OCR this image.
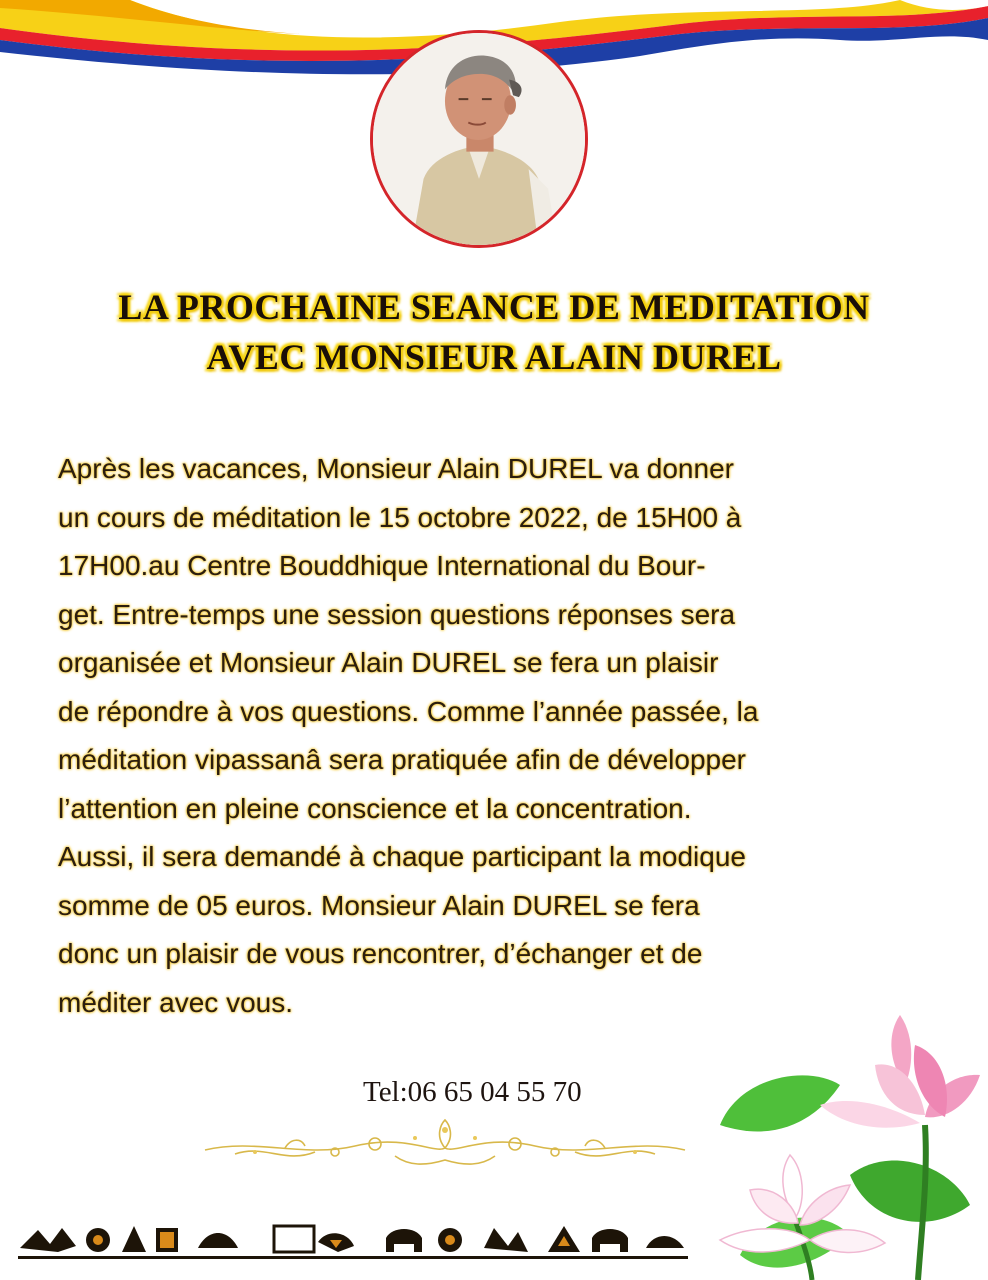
LA PROCHAINE SEANCE DE MEDITATION
AVEC MONSIEUR ALAIN DUREL

Après les vacances, Monsieur Alain DUREL va donner
un cours de méditation le 15 octobre 2022, de 15H00 à
17H00.au Centre Bouddhique International du Bour-
get. Entre-temps une session questions réponses sera
organisée et Monsieur Alain DUREL se fera un plaisir
de répondre à vos questions. Comme l’année passée, la
méditation vipassanâ sera pratiquée afin de développer
l’attention en pleine conscience et la concentration.
Aussi, il sera demandé à chaque participant la modique
somme de 05 euros. Monsieur Alain DUREL se fera
donc un plaisir de vous rencontrer, d’échanger et de
méditer avec vous.

Tel:06 65 04 55 70
